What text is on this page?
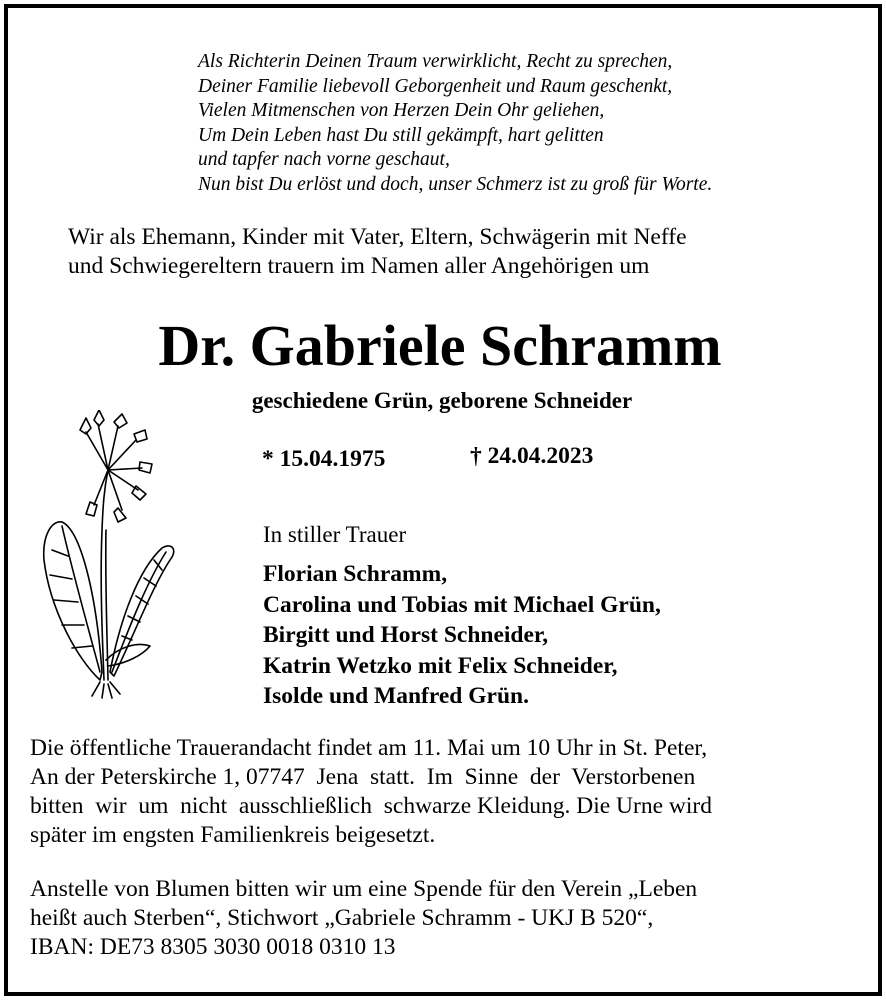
Als Richterin Deinen Traum verwirklicht, Recht zu sprechen,
Deiner Familie liebevoll Geborgenheit und Raum geschenkt,
Vielen Mitmenschen von Herzen Dein Ohr geliehen,
Um Dein Leben hast Du still gekämpft, hart gelitten
und tapfer nach vorne geschaut,
Nun bist Du erlöst und doch, unser Schmerz ist zu groß für Worte.
Wir als Ehemann, Kinder mit Vater, Eltern, Schwägerin mit Neffe
und Schwiegereltern trauern im Namen aller Angehörigen um
Dr. Gabriele Schramm
geschiedene Grün, geborene Schneider
* 15.04.1975	† 24.04.2023
In stiller Trauer
Florian Schramm,
Carolina und Tobias mit Michael Grün,
Birgitt und Horst Schneider,
Katrin Wetzko mit Felix Schneider,
Isolde und Manfred Grün.
Die öffentliche Trauerandacht findet am 11. Mai um 10 Uhr in St. Peter,
An der Peterskirche 1, 07747  Jena  statt.  Im  Sinne  der  Verstorbenen
bitten  wir  um  nicht  ausschließlich  schwarze Kleidung. Die Urne wird
später im engsten Familienkreis beigesetzt.
Anstelle von Blumen bitten wir um eine Spende für den Verein „Leben
heißt auch Sterben“, Stichwort „Gabriele Schramm - UKJ B 520“,
IBAN: DE73 8305 3030 0018 0310 13
